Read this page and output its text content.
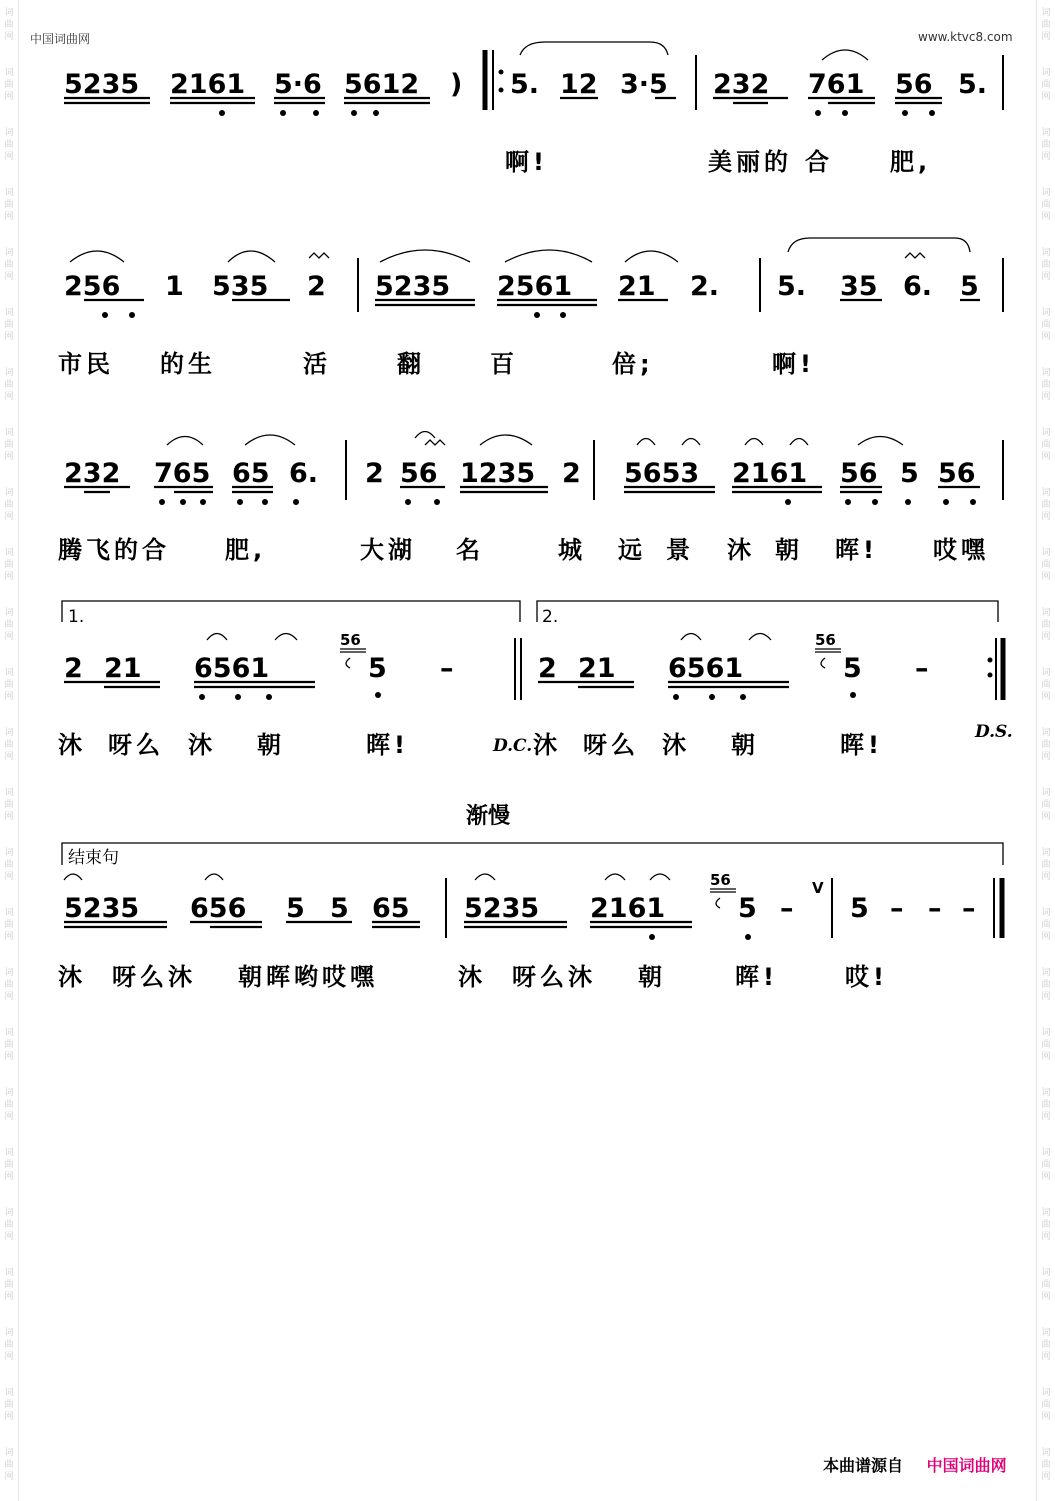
中国词曲网	www.ktvc8.com
5235 2161 5·6 5612 ) 5. 12 3·5 232 761 56 5.
啊!	美丽的 合 肥,
256 1 535 2 5235 2561 21 2. 5. 35 6. 5
市民 的生	活	翻	百	倍;	啊!
232 765 65 6. 2 56 1235 2 5653 2161 56 5 56
腾飞的合 肥,	大湖 名	城 远 景 沐 朝 晖! 哎嘿
1.	2.
2 21 6561
56
5 –	2 21 6561
56
5 –
沐 呀么 沐 朝	晖!	D.C. 沐 呀么 沐 朝	晖!	D.S.
渐慢
结束句
5235 656 5 5 65 5235 2161
56
5 –
V
5 – – –
沐 呀么沐 朝晖哟哎嘿	沐 呀么沐 朝	晖!	哎!
本曲谱源自 中国词曲网
词
曲
网
词
曲
网
词
曲
网
词
曲
网
词
曲
网
词
曲
网
词
曲
网
词
曲
网
词
曲
网
词
曲
网
词
曲
网
词
曲
网
词
曲
网
词
曲
网
词
曲
网
词
曲
网
词
曲
网
词
曲
网
词
曲
网
词
曲
网
词
曲
网
词
曲
网
词
曲
网
词
曲
网
词
曲
网
词
曲
网
词
曲
网
词
曲
网
词
曲
网
词
曲
网
词
曲
网
词
曲
网
词
曲
网
词
曲
网
词
曲
网
词
曲
网
词
曲
网
词
曲
网
词
曲
网
词
曲
网
词
曲
网
词
曲
网
词
曲
网
词
曲
网
词
曲
网
词
曲
网
词
曲
网
词
曲
网
词
曲
网
词
曲
网
